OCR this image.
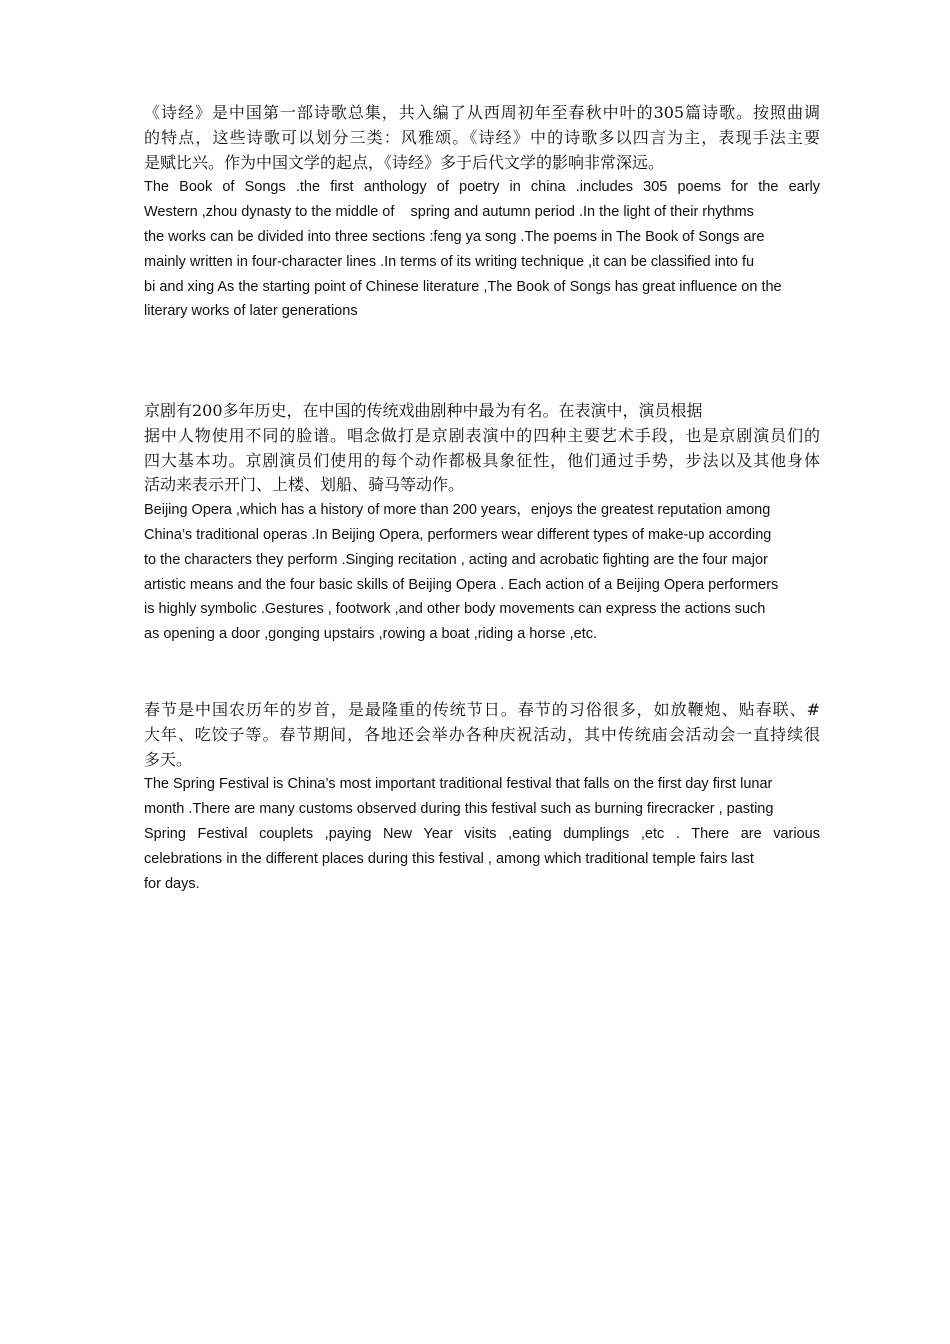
《诗经》是中国第一部诗歌总集，共入编了从西周初年至春秋中叶的305篇诗歌。按照曲调
的特点，这些诗歌可以划分三类：风雅颂。《诗经》中的诗歌多以四言为主，表现手法主要
是赋比兴。作为中国文学的起点，《诗经》多于后代文学的影响非常深远。
The Book of Songs .the first anthology of poetry in china .includes 305 poems for the early
Western ,zhou dynasty to the middle of    spring and autumn period .In the light of their rhythms
the works can be divided into three sections :feng ya song .The poems in The Book of Songs are
mainly written in four-character lines .In terms of its writing technique ,it can be classified into fu
bi and xing As the starting point of Chinese literature ,The Book of Songs has great influence on the
literary works of later generations
京剧有200多年历史，在中国的传统戏曲剧种中最为有名。在表演中，演员根据
据中人物使用不同的脸谱。唱念做打是京剧表演中的四种主要艺术手段，也是京剧演员们的
四大基本功。京剧演员们使用的每个动作都极具象征性，他们通过手势，步法以及其他身体
活动来表示开门、上楼、划船、骑马等动作。
Beijing Opera ,which has a history of more than 200 years，enjoys the greatest reputation among
China’s traditional operas .In Beijing Opera, performers wear different types of make-up according
to the characters they perform .Singing recitation , acting and acrobatic fighting are the four major
artistic means and the four basic skills of Beijing Opera . Each action of a Beijing Opera performers
is highly symbolic .Gestures , footwork ,and other body movements can express the actions such
as opening a door ,gonging upstairs ,rowing a boat ,riding a horse ,etc.
春节是中国农历年的岁首，是最隆重的传统节日。春节的习俗很多，如放鞭炮、贴春联、#
大年、吃饺子等。春节期间，各地还会举办各种庆祝活动，其中传统庙会活动会一直持续很
多天。
The Spring Festival is China’s most important traditional festival that falls on the first day first lunar
month .There are many customs observed during this festival such as burning firecracker , pasting
Spring Festival couplets ,paying New Year visits ,eating dumplings ,etc . There are various
celebrations in the different places during this festival , among which traditional temple fairs last
for days.
